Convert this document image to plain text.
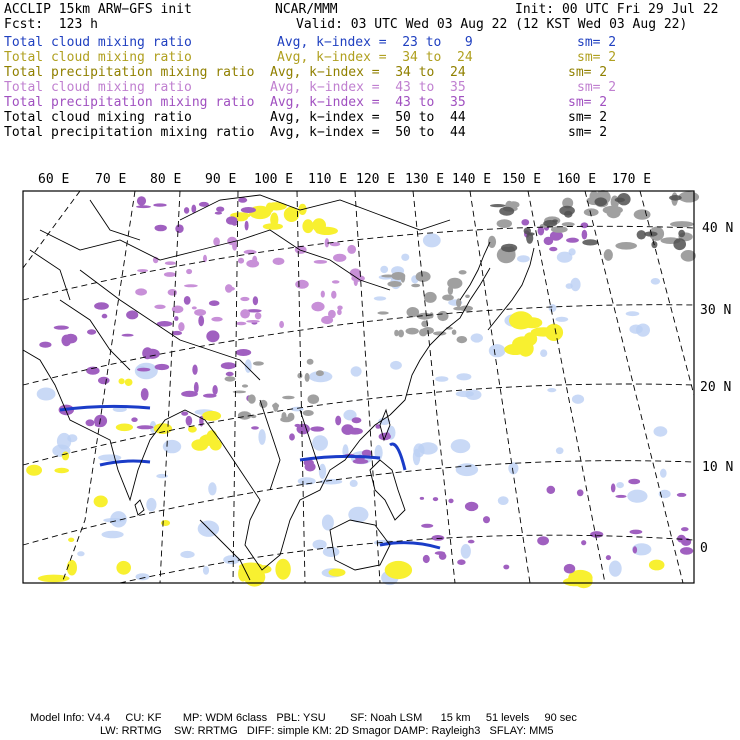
ACCLIP 15km ARW−GFS init	NCAR/MMM	Init: 00 UTC Fri 29 Jul 22
Fcst:  123 h	Valid: 03 UTC Wed 03 Aug 22 (12 KST Wed 03 Aug 22)
Total cloud mixing ratio	Avg, k−index =  23 to   9	sm= 2
Total cloud mixing ratio	Avg, k−index =  34 to  24	sm= 2
Total precipitation mixing ratio Avg, k−index =  34 to  24	sm= 2
Total cloud mixing ratio	Avg, k−index =  43 to  35	sm= 2
Total precipitation mixing ratio Avg, k−index =  43 to  35	sm= 2
Total cloud mixing ratio	Avg, k−index =  50 to  44	sm= 2
Total precipitation mixing ratio Avg, k−index =  50 to  44	sm= 2
60 E 70 E 80 E 90 E 100 E 110 E 120 E 130 E 140 E 150 E 160 E 170 E
40 N
30 N
20 N
10 N
0
Model Info: V4.4     CU: KF       MP: WDM 6class   PBL: YSU        SF: Noah LSM      15 km     51 levels     90 sec
LW: RRTMG    SW: RRTMG   DIFF: simple KM: 2D Smagor DAMP: Rayleigh3   SFLAY: MM5
